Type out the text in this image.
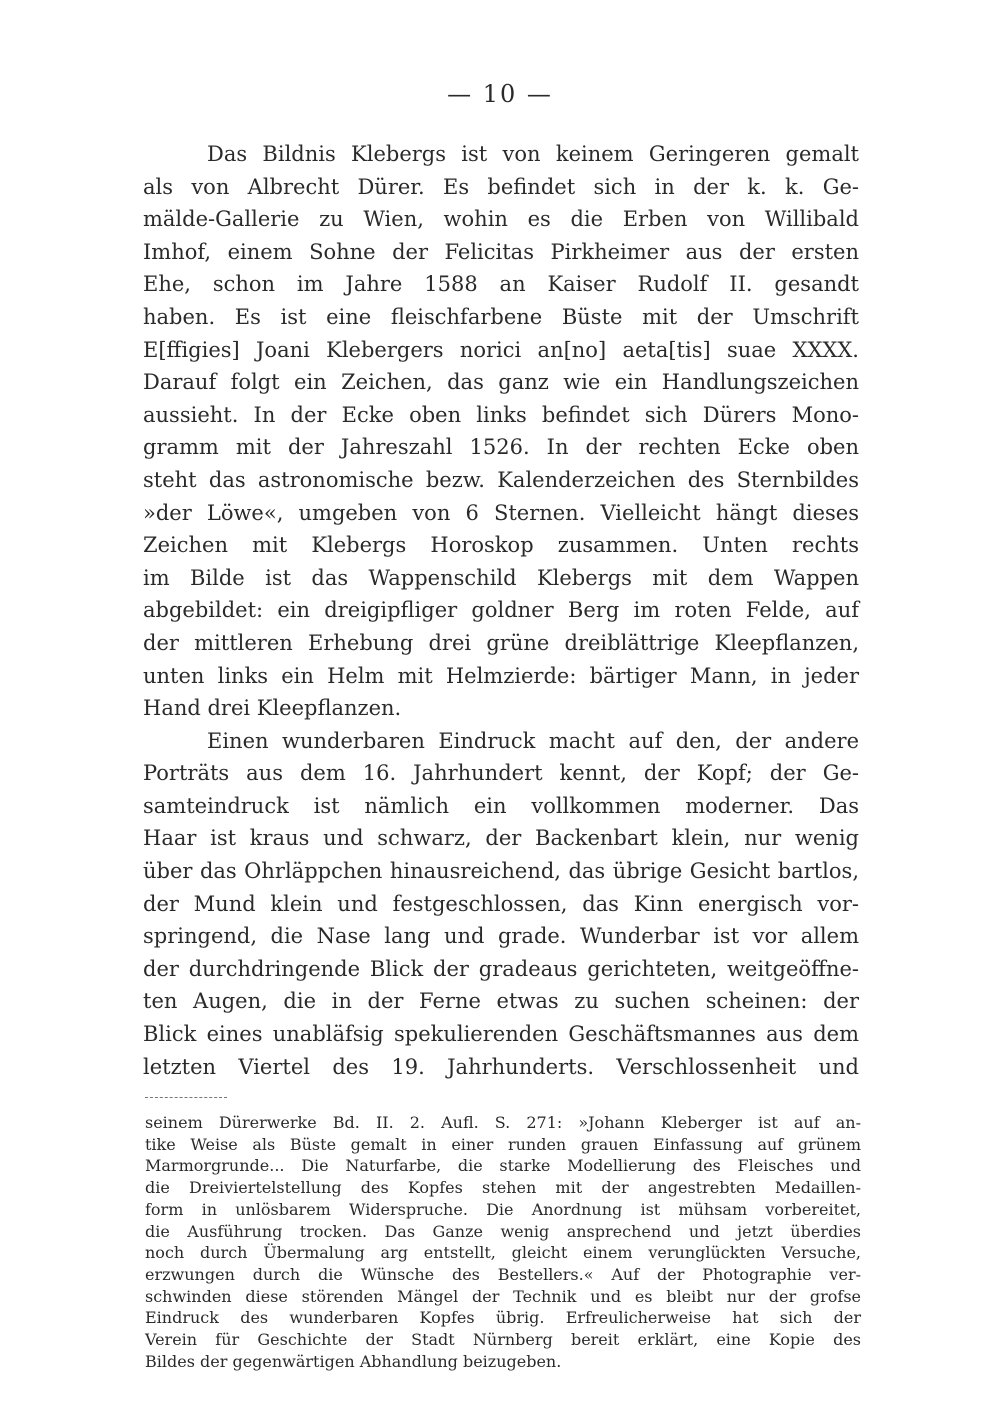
— 10 —
Das Bildnis Klebergs ist von keinem Geringeren gemalt
als von Albrecht Dürer. Es befindet sich in der k. k. Ge-
mälde-Gallerie zu Wien, wohin es die Erben von Willibald
Imhof, einem Sohne der Felicitas Pirkheimer aus der ersten
Ehe, schon im Jahre 1588 an Kaiser Rudolf II. gesandt
haben. Es ist eine fleischfarbene Büste mit der Umschrift
E[ffigies] Joani Klebergers norici an[no] aeta[tis] suae XXXX.
Darauf folgt ein Zeichen, das ganz wie ein Handlungszeichen
aussieht. In der Ecke oben links befindet sich Dürers Mono-
gramm mit der Jahreszahl 1526. In der rechten Ecke oben
steht das astronomische bezw. Kalenderzeichen des Sternbildes
»der Löwe«, umgeben von 6 Sternen. Vielleicht hängt dieses
Zeichen mit Klebergs Horoskop zusammen. Unten rechts
im Bilde ist das Wappenschild Klebergs mit dem Wappen
abgebildet: ein dreigipfliger goldner Berg im roten Felde, auf
der mittleren Erhebung drei grüne dreiblättrige Kleepflanzen,
unten links ein Helm mit Helmzierde: bärtiger Mann, in jeder
Hand drei Kleepflanzen.
Einen wunderbaren Eindruck macht auf den, der andere
Porträts aus dem 16. Jahrhundert kennt, der Kopf; der Ge-
samteindruck ist nämlich ein vollkommen moderner. Das
Haar ist kraus und schwarz, der Backenbart klein, nur wenig
über das Ohrläppchen hinausreichend, das übrige Gesicht bartlos,
der Mund klein und festgeschlossen, das Kinn energisch vor-
springend, die Nase lang und grade. Wunderbar ist vor allem
der durchdringende Blick der gradeaus gerichteten, weitgeöffne-
ten Augen, die in der Ferne etwas zu suchen scheinen: der
Blick eines unabläfsig spekulierenden Geschäftsmannes aus dem
letzten Viertel des 19. Jahrhunderts. Verschlossenheit und
seinem Dürerwerke Bd. II. 2. Aufl. S. 271: »Johann Kleberger ist auf an-
tike Weise als Büste gemalt in einer runden grauen Einfassung auf grünem
Marmorgrunde... Die Naturfarbe, die starke Modellierung des Fleisches und
die Dreiviertelstellung des Kopfes stehen mit der angestrebten Medaillen-
form in unlösbarem Widerspruche. Die Anordnung ist mühsam vorbereitet,
die Ausführung trocken. Das Ganze wenig ansprechend und jetzt überdies
noch durch Übermalung arg entstellt, gleicht einem verunglückten Versuche,
erzwungen durch die Wünsche des Bestellers.« Auf der Photographie ver-
schwinden diese störenden Mängel der Technik und es bleibt nur der grofse
Eindruck des wunderbaren Kopfes übrig. Erfreulicherweise hat sich der
Verein für Geschichte der Stadt Nürnberg bereit erklärt, eine Kopie des
Bildes der gegenwärtigen Abhandlung beizugeben.
